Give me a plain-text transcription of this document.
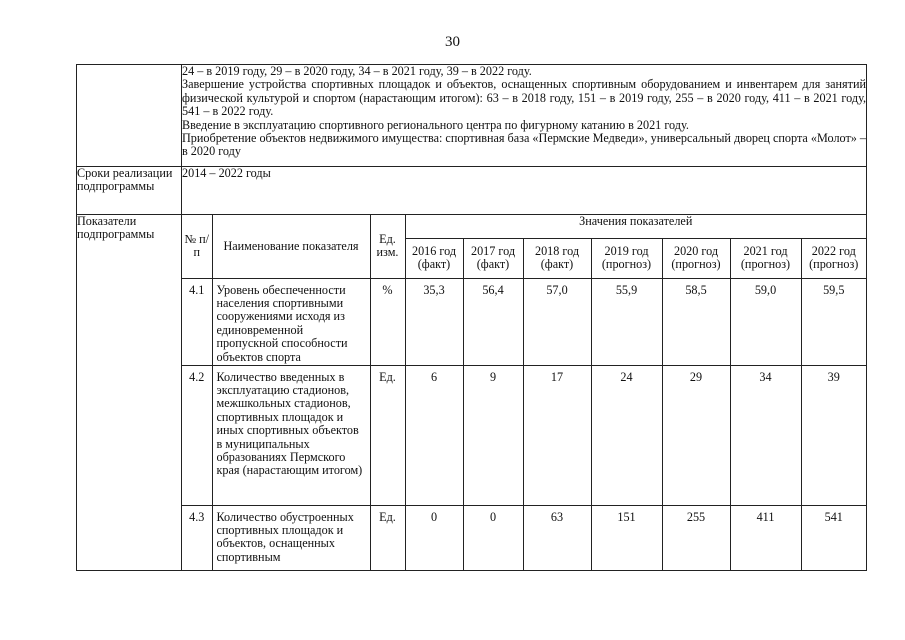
30

24 – в 2019 году, 29 – в 2020 году, 34 – в 2021 году, 39 – в 2022 году.

Завершение устройства спортивных площадок и объектов, оснащенных спортивным оборудованием и инвентарем для занятий физической культурой и спортом (нарастающим итогом): 63 – в 2018 году, 151 – в 2019 году, 255 – в 2020 году, 411 – в 2021 году, 541 – в 2022 году.

Введение в эксплуатацию спортивного регионального центра по фигурному катанию в 2021 году.

Приобретение объектов недвижимого имущества: спортивная база «Пермские Медведи», универсальный дворец спорта «Молот» – в 2020 году

Сроки реализации подпрограммы	2014 – 2022 годы
Показатели подпрограммы	№ п/п	Наименование показателя	Ед. изм.	Значения показателей
2016 год (факт)	2017 год (факт)	2018 год (факт)	2019 год (прогноз)	2020 год (прогноз)	2021 год (прогноз)	2022 год (прогноз)
4.1	Уровень обеспеченности населения спортивными сооружениями исходя из единовременной пропускной способности объектов спорта	%	35,3	56,4	57,0	55,9	58,5	59,0	59,5
4.2	Количество введенных в эксплуатацию стадионов, межшкольных стадионов, спортивных площадок и иных спортивных объектов в муниципальных образованиях Пермского края (нарастающим итогом)	Ед.	6	9	17	24	29	34	39
4.3	Количество обустроенных спортивных площадок и объектов, оснащенных спортивным	Ед.	0	0	63	151	255	411	541
